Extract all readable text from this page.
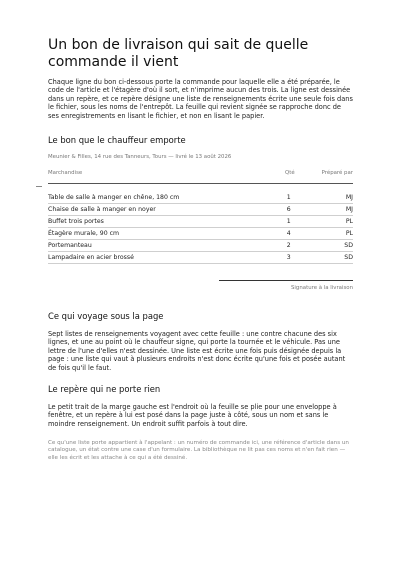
Un bon de livraison qui sait de quelle commande il vient

Chaque ligne du bon ci-dessous porte la commande pour laquelle elle a été préparée, le code de l'article et l'étagère d'où il sort, et n'imprime aucun des trois. La ligne est dessinée dans un repère, et ce repère désigne une liste de renseignements écrite une seule fois dans le fichier, sous les noms de l'entrepôt. La feuille qui revient signée se rapproche donc de ses enregistrements en lisant le fichier, et non en lisant le papier.

Le bon que le chauffeur emporte

Meunier & Filles, 14 rue des Tanneurs, Tours — livré le 13 août 2026

Marchandise	Qté	Préparé par

Table de salle à manger en chêne, 180 cm	1	MJ
Chaise de salle à manger en noyer	6	MJ
Buffet trois portes	1	PL
Étagère murale, 90 cm	4	PL
Portemanteau	2	SD
Lampadaire en acier brossé	3	SD
Signature à la livraison
Ce qui voyage sous la page

Sept listes de renseignements voyagent avec cette feuille : une contre chacune des six lignes, et une au point où le chauffeur signe, qui porte la tournée et le véhicule. Pas une lettre de l'une d'elles n'est dessinée. Une liste est écrite une fois puis désignée depuis la page : une liste qui vaut à plusieurs endroits n'est donc écrite qu'une fois et posée autant de fois qu'il le faut.

Le repère qui ne porte rien

Le petit trait de la marge gauche est l'endroit où la feuille se plie pour une enveloppe à fenêtre, et un repère à lui est posé dans la page juste à côté, sous un nom et sans le moindre renseignement. Un endroit suffit parfois à tout dire.

Ce qu'une liste porte appartient à l'appelant : un numéro de commande ici, une référence d'article dans un catalogue, un état contre une case d'un formulaire. La bibliothèque ne lit pas ces noms et n'en fait rien — elle les écrit et les attache à ce qui a été dessiné.
